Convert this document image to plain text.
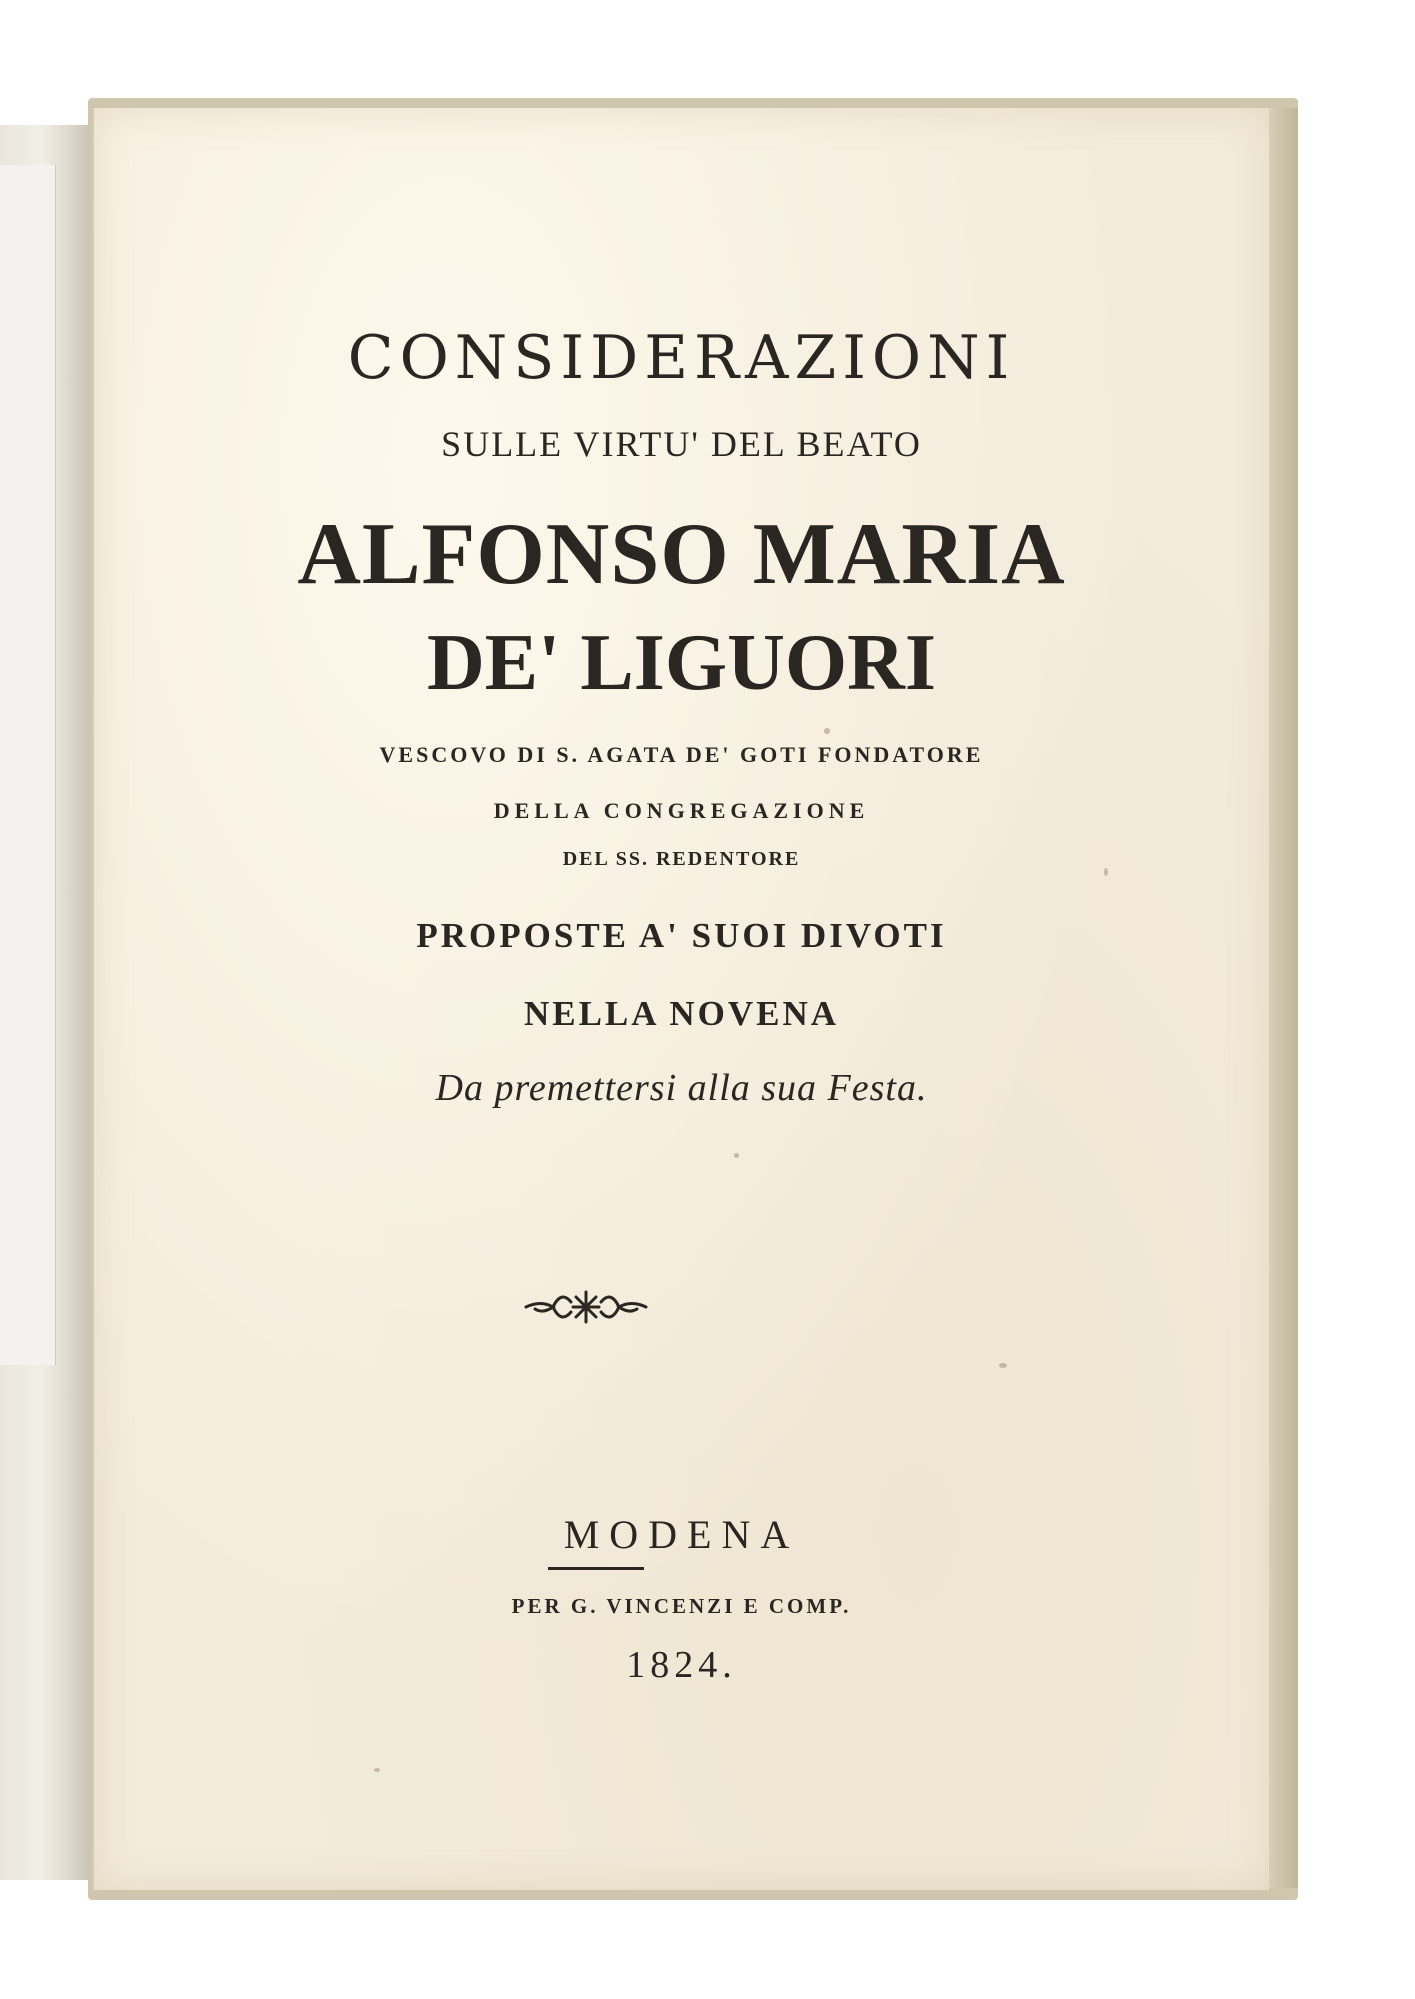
CONSIDERAZIONI
SULLE VIRTU' DEL BEATO
ALFONSO MARIA
DE' LIGUORI
VESCOVO DI S. AGATA DE' GOTI FONDATORE
DELLA CONGREGAZIONE
DEL SS. REDENTORE
PROPOSTE A' SUOI DIVOTI
NELLA NOVENA
Da premettersi alla sua Festa.
MODENA
PER G. VINCENZI E COMP.
1824.
